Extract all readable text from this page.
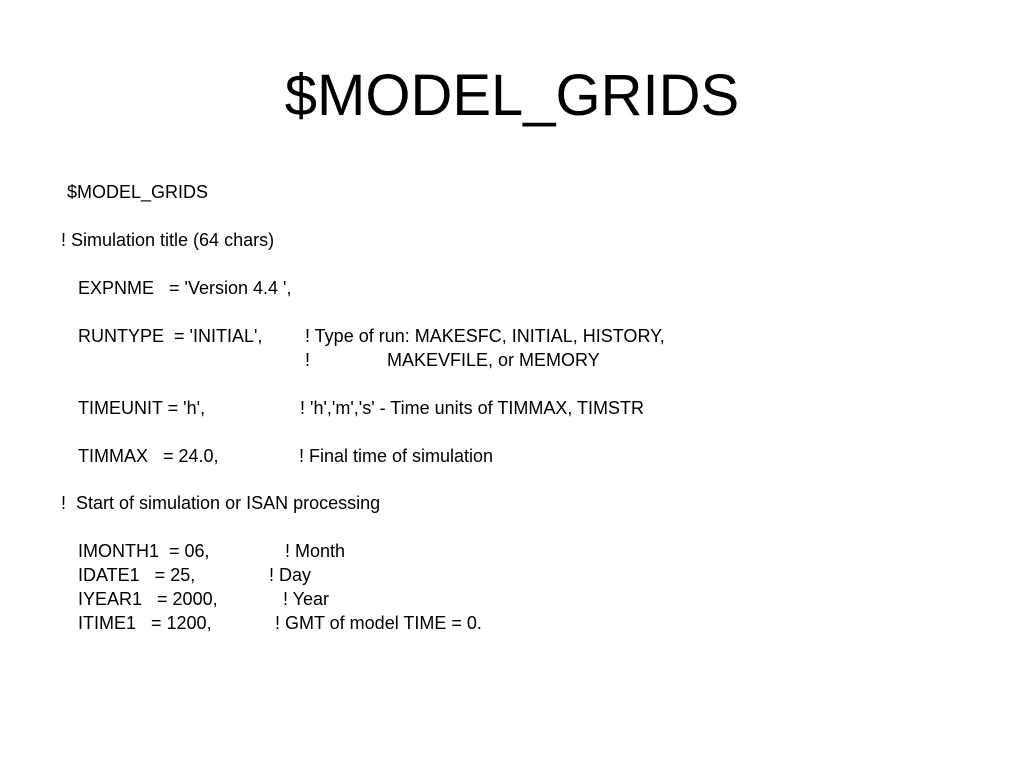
$MODEL_GRIDS
$MODEL_GRIDS
! Simulation title (64 chars)
EXPNME   = 'Version 4.4 ',
RUNTYPE  = 'INITIAL', ! Type of run: MAKESFC, INITIAL, HISTORY,
!	MAKEVFILE, or MEMORY
TIMEUNIT = 'h',	! 'h','m','s' - Time units of TIMMAX, TIMSTR
TIMMAX   = 24.0,	! Final time of simulation
!  Start of simulation or ISAN processing
IMONTH1  = 06,	! Month
IDATE1   = 25,	! Day
IYEAR1   = 2000,	! Year
ITIME1   = 1200,	! GMT of model TIME = 0.
